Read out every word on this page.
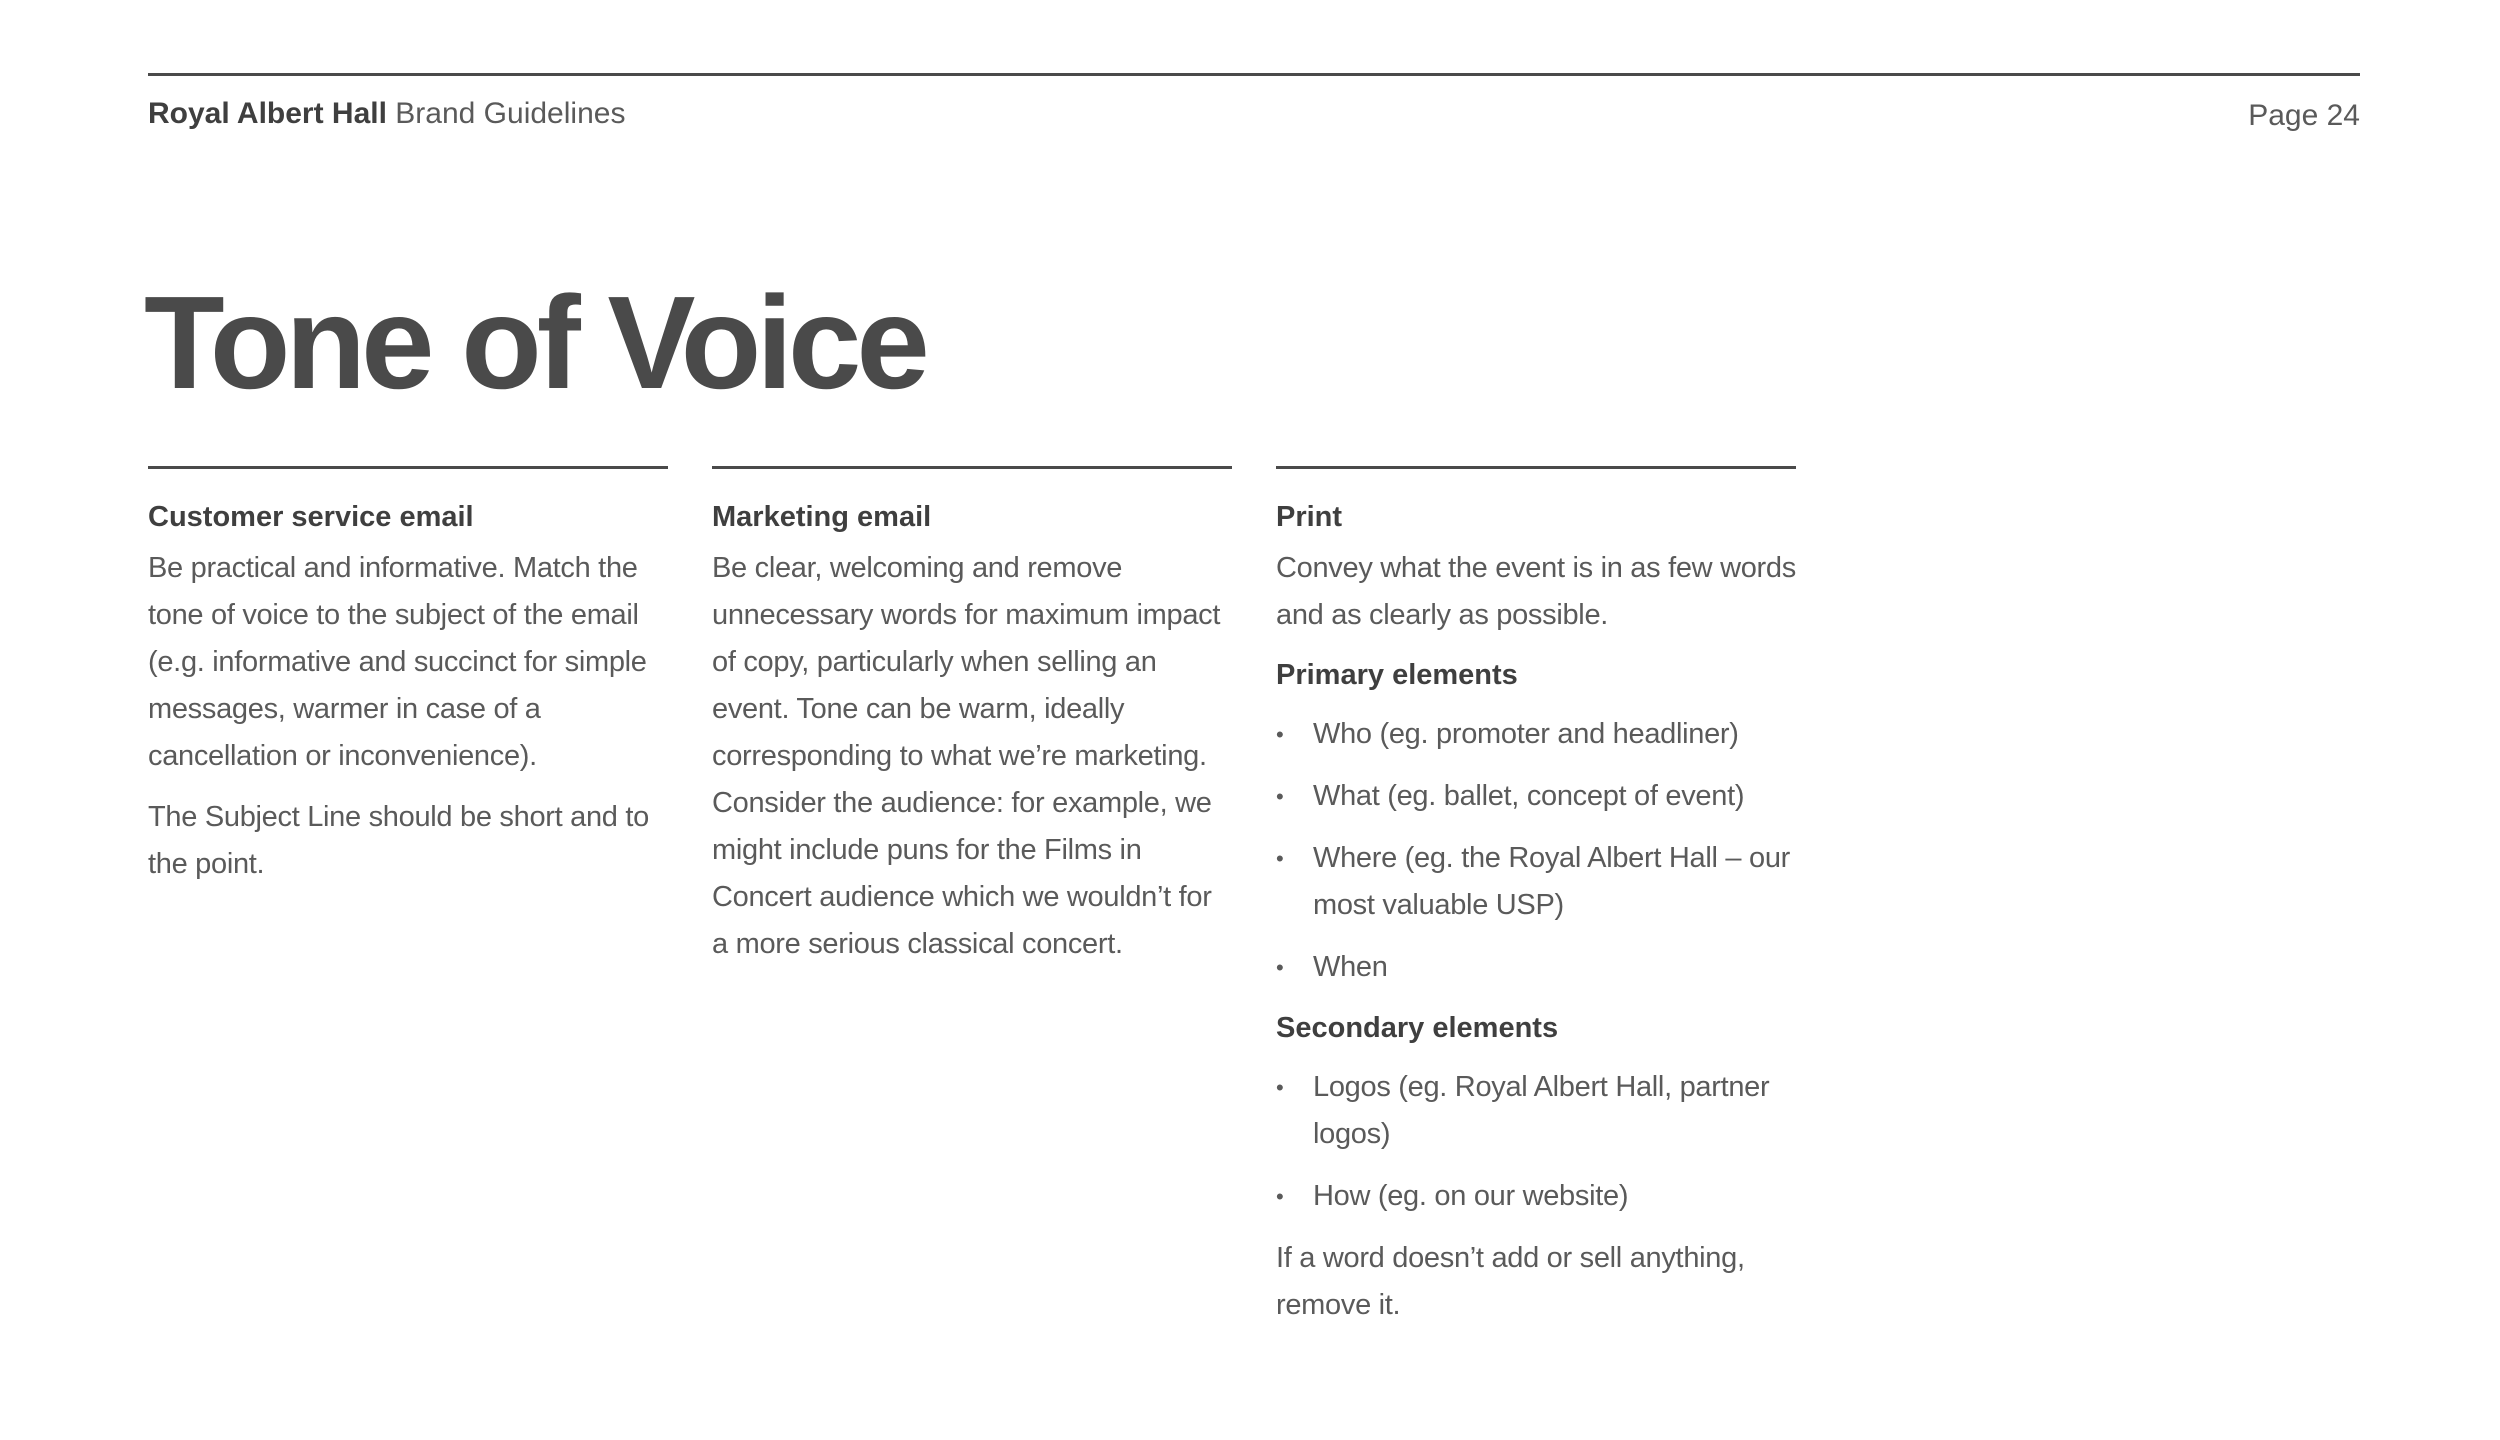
Royal Albert Hall Brand Guidelines	Page 24
Tone of Voice
Customer service email

Be practical and informative. Match the tone of voice to the subject of the email (e.g. informative and succinct for simple messages, warmer in case of a cancellation or inconvenience).

The Subject Line should be short and to the point.

Marketing email

Be clear, welcoming and remove unnecessary words for maximum impact of copy, particularly when selling an event. Tone can be warm, ideally corresponding to what we’re marketing. Consider the audience: for example, we might include puns for the Films in Concert audience which we wouldn’t for a more serious classical concert.

Print

Convey what the event is in as few words and as clearly as possible.

Primary elements
• Who (eg. promoter and headliner)
• What (eg. ballet, concept of event)
• Where (eg. the Royal Albert Hall – our most valuable USP)
• When
Secondary elements
• Logos (eg. Royal Albert Hall, partner logos)
• How (eg. on our website)

If a word doesn’t add or sell anything, remove it.
